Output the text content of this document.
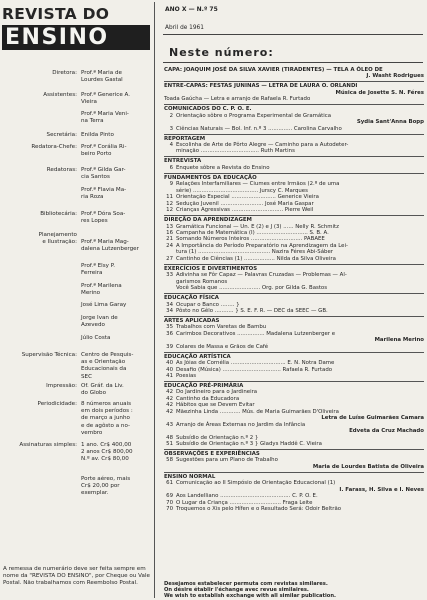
REVISTA DO
ENSINO
Diretora: Prof.ª Maria de
Lourdes Gastal
Assistentes: Prof.ª Generice A.
Vieira
Prof.ª Maria Veni-
na Terra
Secretária: Enilda Pinto
Redatora-Chefe: Prof.ª Corália Ri-
beiro Porto
Redatoras: Prof.ª Gilda Gar-
cia Santos
Prof.ª Flavia Ma-
ria Roza
Bibliotecária: Prof.ª Dóra Soa-
res Lopes
Planejamento
e Ilustração: Prof.ª Maria Mag-
dalena Lutzenberger
Prof.ª Elsy P.
Ferreira
Prof.ª Marilena
Merino
José Lima Garay
Jorge Ivan de
Azevedo
Júlio Costa
Supervisão Técnica: Centro de Pesquis-
as e Orientação
Educacionais da
SEC
Impressão: Of. Gráf. da Liv.
do Globo
Periodicidade: 8 números anuais
em dois períodos :
de março a junho
e de agôsto a no-
vembro
Assinaturas simples: 1 ano. Cr$ 400,00
2 anos Cr$ 800,00
N.º av. Cr$ 80,00
Porte aéreo, mais
Cr$ 20,00 por
exemplar.
A remessa de numerário deve ser feita sempre em nome da "REVISTA DO ENSINO", por Cheque ou Vale Postal. Não trabalhamos com Reembolso Postal.
ANO X — N.º 75
Abril de 1961
Neste número:
CAPA: JOAQUIM JOSÉ DA SILVA XAVIER (TIRADENTES) — TELA A ÓLEO DE
J. Washt Rodrigues
ENTRE-CAPAS: FESTAS JUNINAS — LETRA DE LAURA O. ORLANDI
Música de Josette S. N. Féres
Toada Gaúcha — Letra e arranjo de Rafaela R. Furtado
COMUNICADOS DO C. P. O. E.
2 Orientação sôbre o Programa Experimental de Gramática
Sydia Sant'Anna Bopp
3 Ciências Naturais — Bol. Inf. n.º 3 .............. Carolina Carvalho
REPORTAGEM
4 Escolinha de Arte de Pôrto Alegre — Caminho para a Autodeter-
minação .................................. Ruth Martins
ENTREVISTA
6 Enquete sôbre a Revista do Ensino
FUNDAMENTOS DA EDUCAÇÃO
9 Relações Interfamiliares — Ciumes entre Irmãos (2.º de uma
série) ...................................... Jurscy C. Marques
11 Orientação Especial .......................... Generice Vieira
12 Sedução Juvenil ......................... José Maria Gaspar
12 Crianças Agressivas .............................. Pierre Weil
DIREÇÃO DA APRENDIZAGEM
13 Gramática Funcional — Un. E (2) e J (3) ...... Nelly R. Schmitz
16 Campanha de Matemática (I) .............................. S. B. A.
21 Somando Números Inteiros .............................. PABAEE
24 A Importância do Período Preparatório na Aprendizagem da Lei-
tura (1) .......................................... Nazira Féres Abi-Sáber
27 Cantinho de Ciências (1) .................. Nilda da Silva Oliveira
EXERCÍCIOS E DIVERTIMENTOS
33 Adivinha se Fôr Capaz — Palavras Cruzadas — Problemas — Al-
garismos Romanos
Você Sabia que ........................ Org. por Gilda G. Bastos
EDUCAÇÃO FÍSICA
34 Ocupar o Banco ........ }
34 Pôsto no Gêlo ........... } S. E. F. R. — DEC da SEEC — GB.
ARTES APLICADAS
35 Trabalhos com Varetas de Bambu
36 Carimbos Decorativos ................ Madalena Lutzenberger e
Marilena Merino
39 Colares de Massa e Grãos de Café
EDUCAÇÃO ARTÍSTICA
40 As Jóias de Cornélia ................................ E. N. Notra Dame
40 Desafio (Música) .................................. Rafaela R. Furtado
41 Poesias
EDUCAÇÃO PRÉ-PRIMÁRIA
42 Do Jardineiro para o Jardineira
42 Cantinho da Educadora
42 Hábitos que se Devem Evitar
42 Mãezinha Linda ............ Mús. de Maria Guimarães D'Oliveira
Letra de Luíse Guimarães Camara
43 Arranjo de Áreas Externas no Jardim da Infância
Edveta da Cruz Machado
48 Subsídio de Orientação n.º 2 }
51 Subsídio de Orientação n.º 3 } Gladys Haddê C. Vieira
OBSERVAÇÕES E EXPERIÊNCIAS
58 Sugestões para um Plano de Trabalho
Maria de Lourdes Batista de Oliveira
ENSINO NORMAL
61 Comunicação ao II Simpósio de Orientação Educacional (1)
I. Farass, H. Silva e I. Neves
69 Aos Landelliano ......................................... C. P. O. E.
70 O Lugar da Criança .............................. Fraga Leite
70 Troquemos o Xis pelo Hífen e o Resultado Será: Odoir Beltrão
Desejamos estabelecer permuta com revistas similares.
On désire établir l'échange avec revue similaires.
We wish to establish exchange with all similar publication.
